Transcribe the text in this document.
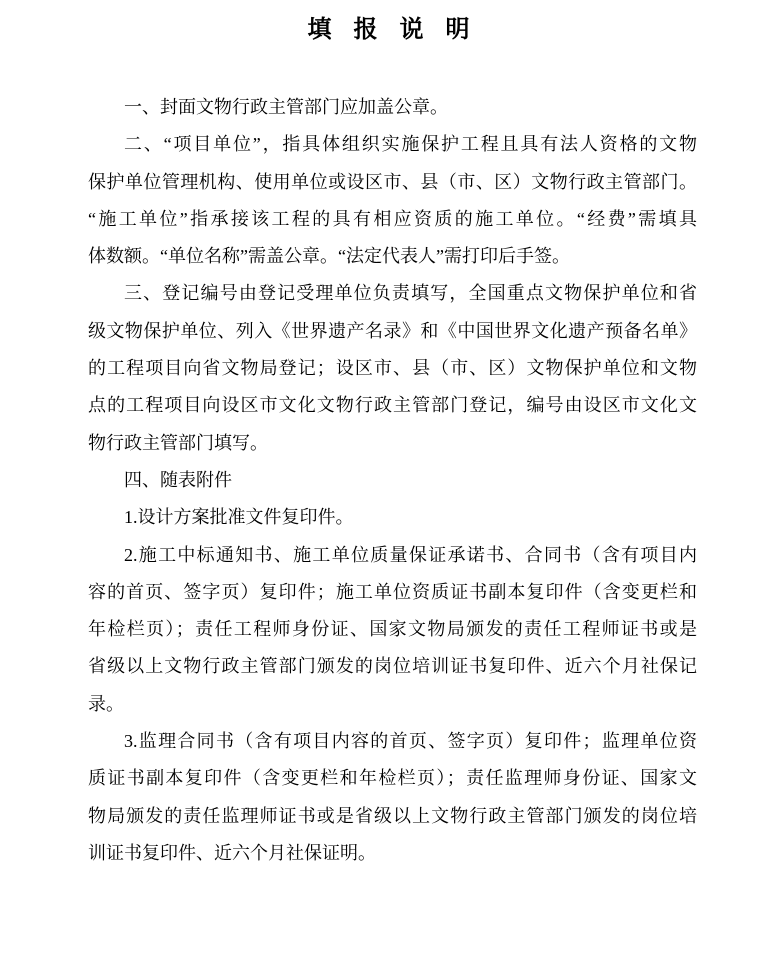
填 报 说 明
一、封面文物行政主管部门应加盖公章。
二、“项目单位”，指具体组织实施保护工程且具有法人资格的文物
保护单位管理机构、使用单位或设区市、县（市、区）文物行政主管部门。
“施工单位”指承接该工程的具有相应资质的施工单位。“经费”需填具
体数额。“单位名称”需盖公章。“法定代表人”需打印后手签。
三、登记编号由登记受理单位负责填写，全国重点文物保护单位和省
级文物保护单位、列入《世界遗产名录》和《中国世界文化遗产预备名单》
的工程项目向省文物局登记；设区市、县（市、区）文物保护单位和文物
点的工程项目向设区市文化文物行政主管部门登记，编号由设区市文化文
物行政主管部门填写。
四、随表附件
1.设计方案批准文件复印件。
2.施工中标通知书、施工单位质量保证承诺书、合同书（含有项目内
容的首页、签字页）复印件；施工单位资质证书副本复印件（含变更栏和
年检栏页）；责任工程师身份证、国家文物局颁发的责任工程师证书或是
省级以上文物行政主管部门颁发的岗位培训证书复印件、近六个月社保记
录。
3.监理合同书（含有项目内容的首页、签字页）复印件；监理单位资
质证书副本复印件（含变更栏和年检栏页）；责任监理师身份证、国家文
物局颁发的责任监理师证书或是省级以上文物行政主管部门颁发的岗位培
训证书复印件、近六个月社保证明。
